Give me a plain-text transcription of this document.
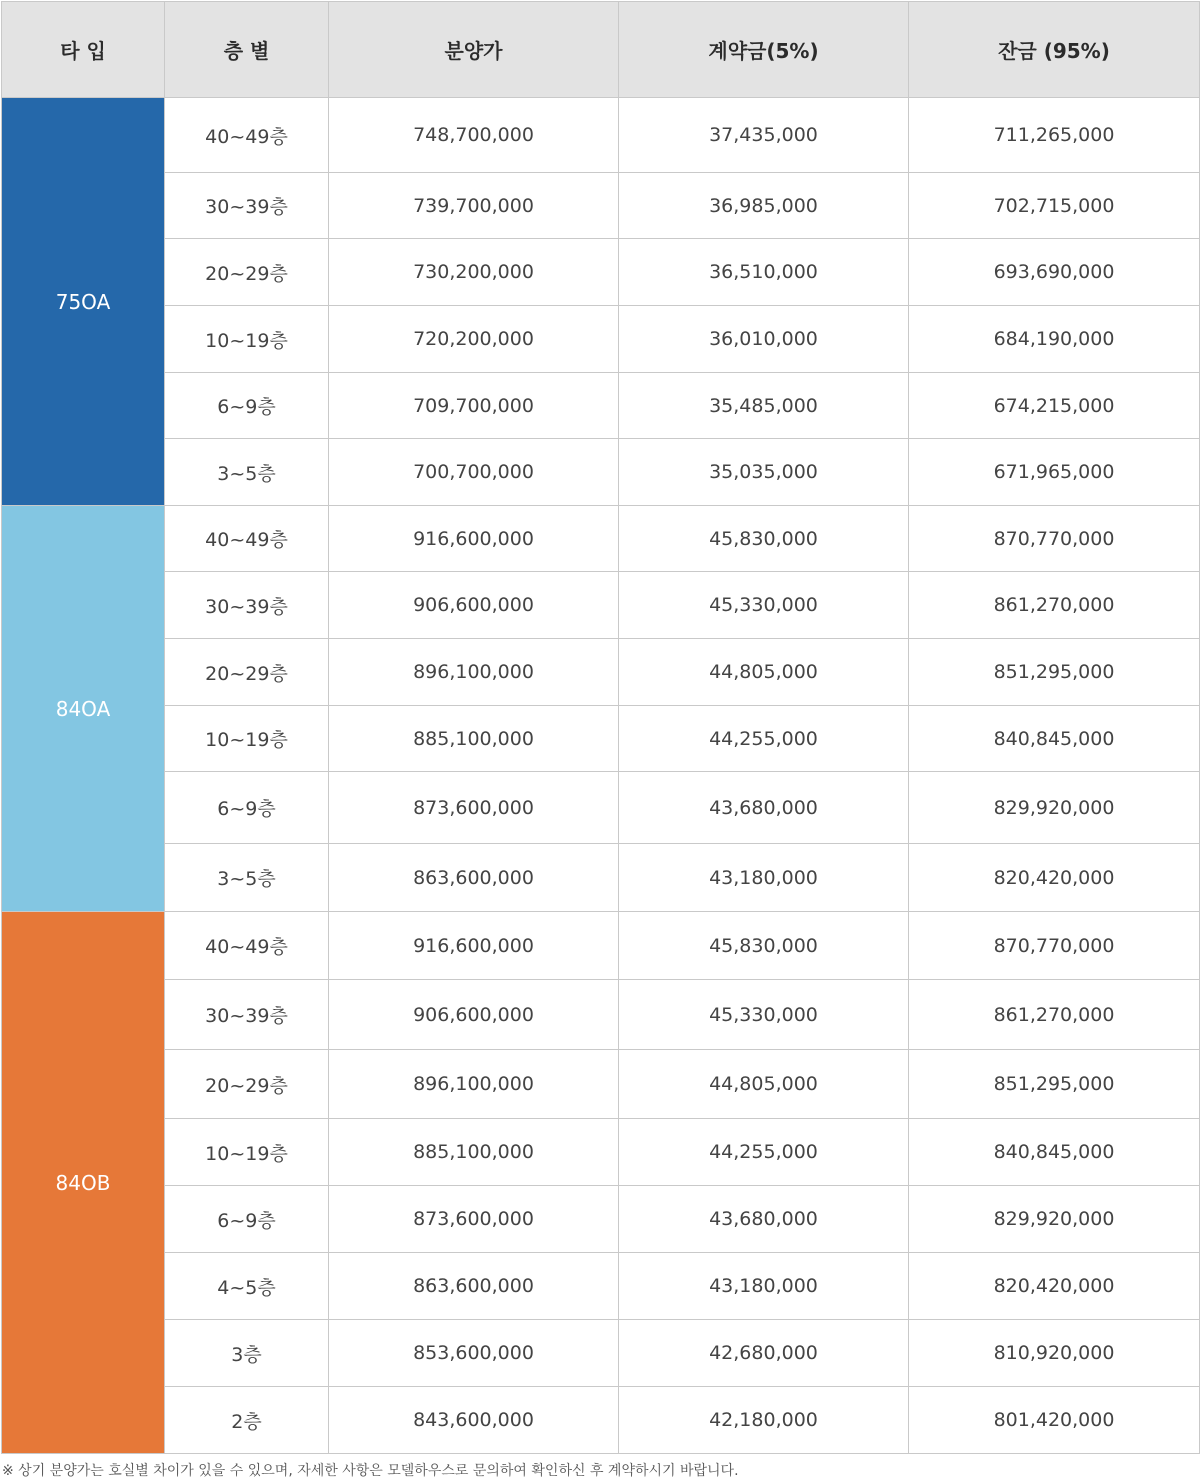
타 입	층 별	분양가	계약금(5%)	잔금 (95%)
75OA	40~49층	748,700,000	37,435,000	711,265,000
	30~39층	739,700,000	36,985,000	702,715,000
	20~29층	730,200,000	36,510,000	693,690,000
	10~19층	720,200,000	36,010,000	684,190,000
	6~9층	709,700,000	35,485,000	674,215,000
	3~5층	700,700,000	35,035,000	671,965,000
84OA	40~49층	916,600,000	45,830,000	870,770,000
	30~39층	906,600,000	45,330,000	861,270,000
	20~29층	896,100,000	44,805,000	851,295,000
	10~19층	885,100,000	44,255,000	840,845,000
	6~9층	873,600,000	43,680,000	829,920,000
	3~5층	863,600,000	43,180,000	820,420,000
84OB	40~49층	916,600,000	45,830,000	870,770,000
	30~39층	906,600,000	45,330,000	861,270,000
	20~29층	896,100,000	44,805,000	851,295,000
	10~19층	885,100,000	44,255,000	840,845,000
	6~9층	873,600,000	43,680,000	829,920,000
	4~5층	863,600,000	43,180,000	820,420,000
	3층	853,600,000	42,680,000	810,920,000
	2층	843,600,000	42,180,000	801,420,000
※ 상기 분양가는 호실별 차이가 있을 수 있으며, 자세한 사항은 모델하우스로 문의하여 확인하신 후 계약하시기 바랍니다.
